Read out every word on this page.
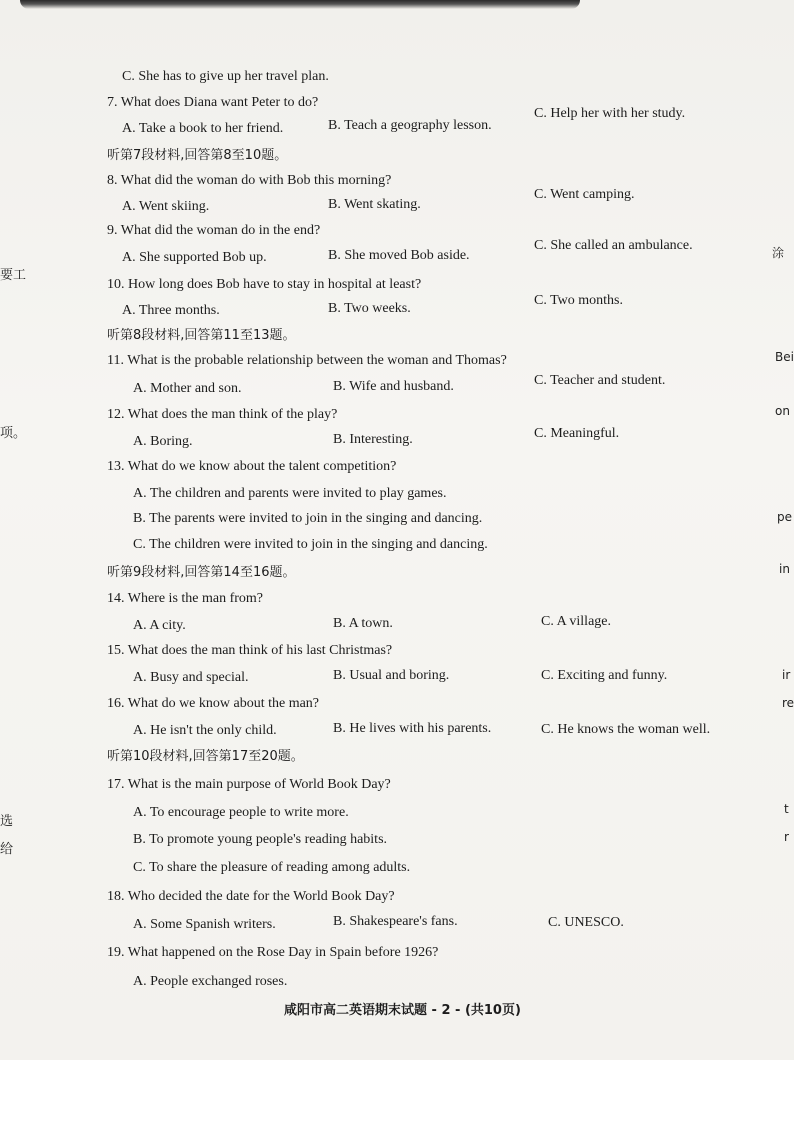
C. She has to give up her travel plan.
7. What does Diana want Peter to do?
A. Take a book to her friend.	B. Teach a geography lesson.
C. Help her with her study.
听第7段材料,回答第8至10题。
8. What did the woman do with Bob this morning?
A. Went skiing.	B. Went skating.
C. Went camping.
9. What did the woman do in the end?
A. She supported Bob up.	B. She moved Bob aside.
C. She called an ambulance.
10. How long does Bob have to stay in hospital at least?
A. Three months.	B. Two weeks.
C. Two months.
听第8段材料,回答第11至13题。
11. What is the probable relationship between the woman and Thomas?
A. Mother and son.	B. Wife and husband.	C. Teacher and student.
12. What does the man think of the play?
A. Boring.	B. Interesting.	C. Meaningful.
13. What do we know about the talent competition?
A. The children and parents were invited to play games.
B. The parents were invited to join in the singing and dancing.
C. The children were invited to join in the singing and dancing.
听第9段材料,回答第14至16题。
14. Where is the man from?
A. A city.	B. A town.	C. A village.
15. What does the man think of his last Christmas?
A. Busy and special.	B. Usual and boring.	C. Exciting and funny.
16. What do we know about the man?
A. He isn't the only child.	B. He lives with his parents.	C. He knows the woman well.
听第10段材料,回答第17至20题。
17. What is the main purpose of World Book Day?
A. To encourage people to write more.
B. To promote young people's reading habits.
C. To share the pleasure of reading among adults.
18. Who decided the date for the World Book Day?
A. Some Spanish writers.	B. Shakespeare's fans.	C. UNESCO.
19. What happened on the Rose Day in Spain before 1926?
A. People exchanged roses.
要工
项。
选
给
涂
Bei
on
pe
in
ir
re
t
r
咸阳市高二英语期末试题 - 2 - (共10页)
